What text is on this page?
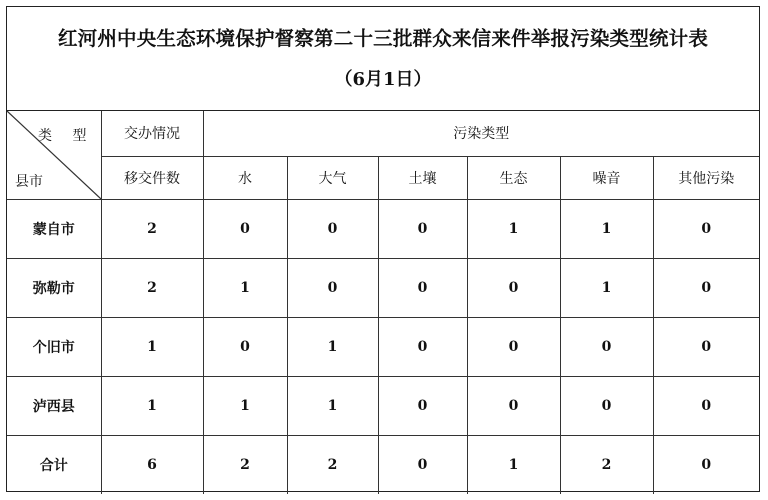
红河州中央生态环境保护督察第二十三批群众来信来件举报污染类型统计表
（6月1日）
类 型
县市	交办情况	污染类型					
	移交件数	水	大气	土壤	生态	噪音	其他污染
蒙自市	2	0	0	0	1	1	0
弥勒市	2	1	0	0	0	1	0
个旧市	1	0	1	0	0	0	0
泸西县	1	1	1	0	0	0	0
合计	6	2	2	0	1	2	0
